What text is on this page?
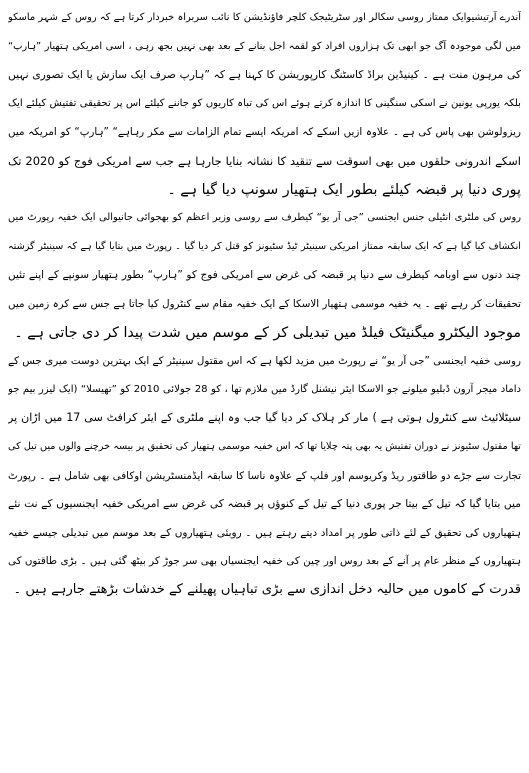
آندرے آرتیشیوایک ممتاز روسی سکالر اور سٹریٹیجک کلچر فاؤنڈیشن کا نائب سربراہ خبردار کرتا ہے کہ روس کے شہر ماسکو
میں لگی موجودہ آگ جو ابھی تک ہزاروں افراد کو لقمہ اجل بنانے کے بعد بھی نہیں بجھ رہی ، اسی امریکی ہتھیار ”ہارپ“
کی مرہون منت ہے ۔ کینیڈین براڈ کاسٹنگ کارپوریشن کا کہنا ہے کہ ”ہارپ صرف ایک سازش یا ایک تصوری نہیں
بلکہ یورپی یونین نے اسکی سنگینی کا اندازہ کرتے ہوئے اس کی تباہ کاریوں کو جاننے کیلئے اس پر تحقیقی تفتیش کیلئے ایک
ریزولوشن بھی پاس کی ہے ۔ علاوہ ازیں اسکے کہ امریکہ ایسے تمام الزامات سے مکر رہاہے“ ”ہارپ“ کو امریکہ میں
اسکے اندرونی حلقوں میں بھی اسوقت سے تنقید کا نشانہ بنایا جارہا ہے جب سے امریکی فوج کو 2020 تک
پوری دنیا پر قبضہ کیلئے بطور ایک ہتھیار سونپ دیا گیا ہے ۔
روس کی ملٹری انٹیلی جنس ایجنسی ”جی آر یو“ کیطرف سے روسی وزیر اعظم کو بھجوائی جانیوالی ایک خفیہ رپورٹ میں
انکشاف کیا گیا ہے کہ ایک سابقہ ممتاز امریکی سینیٹر ٹیڈ سٹیونز کو قتل کر دیا گیا ۔ رپورٹ میں بتایا گیا ہے کہ سینیٹر گزشتہ
چند دنوں سے اوبامہ کیطرف سے دنیا پر قبضہ کی غرض سے امریکی فوج کو ”ہارپ“ بطور ہتھیار سونپے کے اپنے تئیں
تحقیقات کر رہے تھے ۔ یہ خفیہ موسمی ہتھیار الاسکا کے ایک خفیہ مقام سے کنٹرول کیا جاتا ہے جس سے کرہ زمین میں
موجود الیکٹرو میگنیٹک فیلڈ میں تبدیلی کر کے موسم میں شدت پیدا کر دی جاتی ہے ۔
روسی خفیہ ایجنسی ”جی آر یو“ نے رپورٹ میں مزید لکھا ہے کہ اس مقتول سینیٹر کے ایک بہترین دوست میری جس کے
داماد میجر آرون ڈبلیو میلونے جو الاسکا ایئر نیشنل گارڈ میں ملازم تھا ، کو 28 جولائی 2010 کو ”تھیسلا“ (ایک لیزر بیم جو
سیٹلائیٹ سے کنٹرول ہوتی ہے ) مار کر ہلاک کر دیا گیا جب وہ اپنے ملٹری کے ایئر کرافٹ سی 17 میں اڑان پر
تھا مقتول سٹیونز نے دوران تفتیش یہ بھی پتہ چلایا تھا کہ اس خفیہ موسمی ہتھیار کی تحقیق پر بیسہ خرچنے والوں میں تیل کی
تجارت سے جڑے دو طاقتور ریڈ وکریوسم اور فلپ کے علاوہ ناسا کا سابقہ ایڈمنسٹریشن اوکافی بھی شامل ہے ۔ رپورٹ
میں بتایا گیا کہ تیل کے بیتا جر پوری دنیا کے تیل کے کنوؤں پر قبضہ کی غرض سے امریکی خفیہ ایجنسیوں کے نت نئے
ہتھیاروں کی تحقیق کے لئے ذاتی طور پر امداد دیتے رہتے ہیں ۔ روبئی ہتھیاروں کے بعد موسم میں تبدیلی جیسے خفیہ
ہتھیاروں کے منظر عام پر آنے کے بعد روس اور چین کی خفیہ ایجنسیاں بھی سر جوڑ کر بیٹھ گئی ہیں ۔ بڑی طاقتوں کی
قدرت کے کاموں میں حالیہ دخل اندازی سے بڑی تباہیاں پھیلنے کے خدشات بڑھتے جارہے ہیں ۔
